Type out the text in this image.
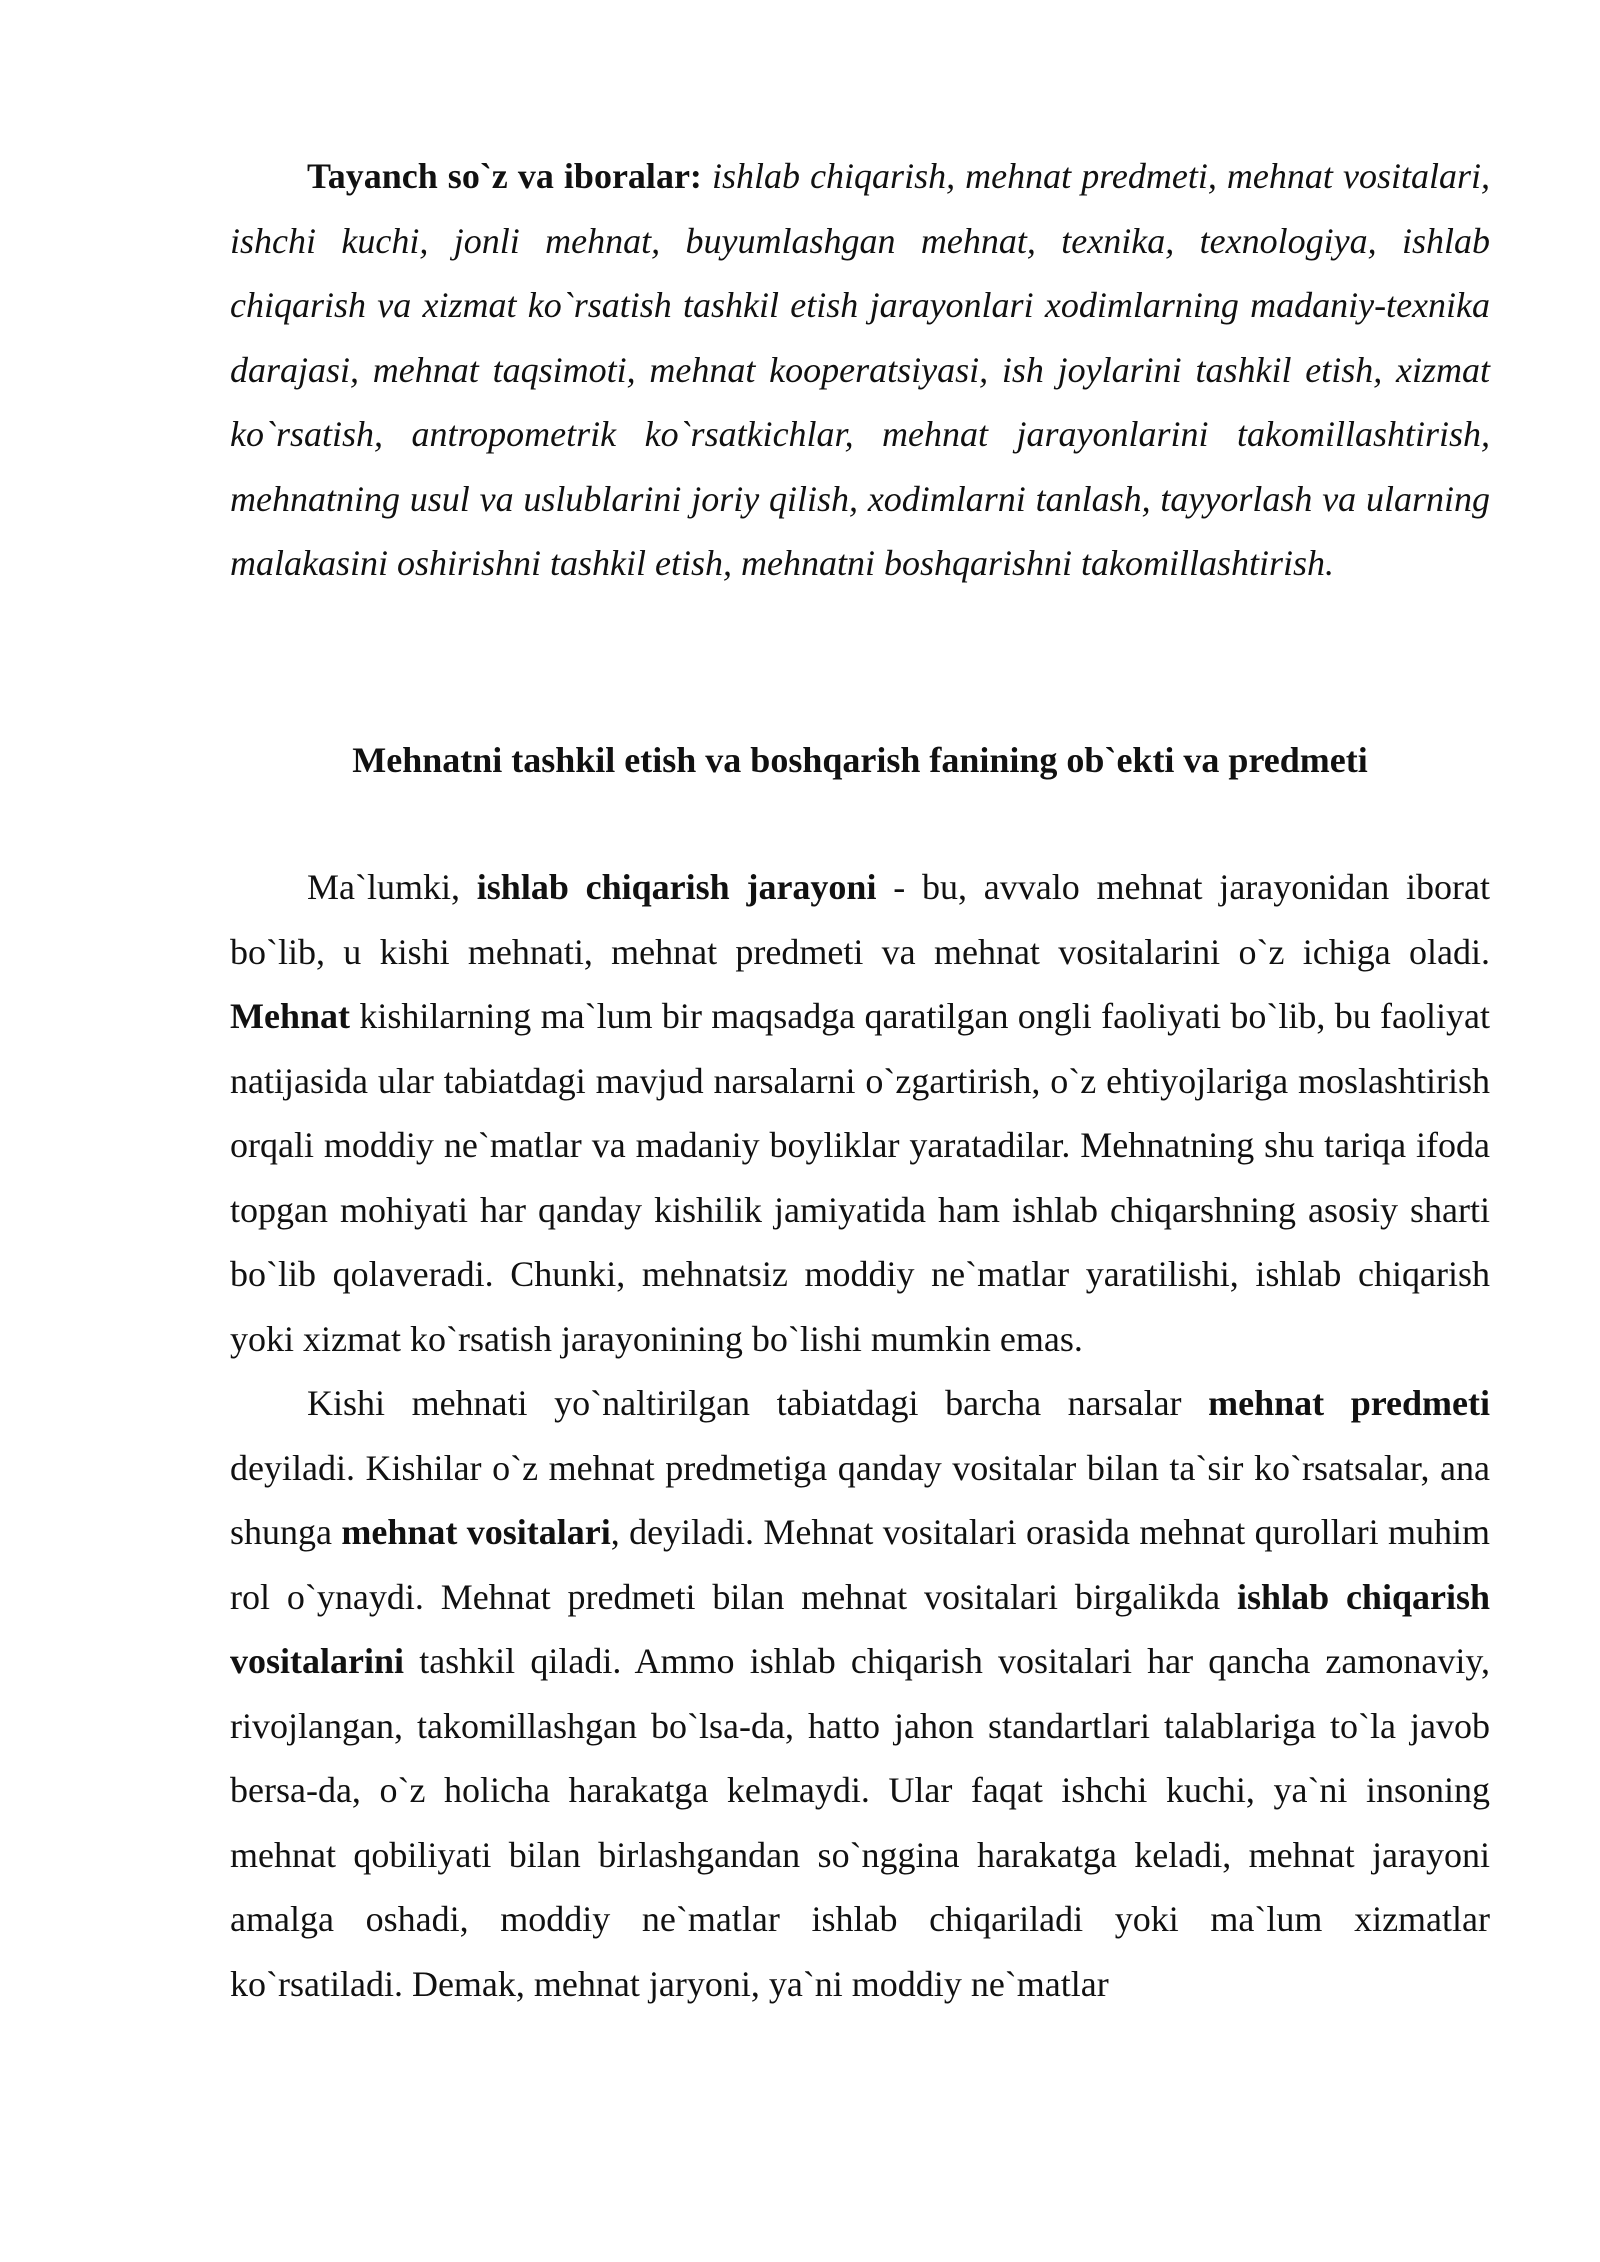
Tayanch so`z va iboralar: ishlab chiqarish, mehnat predmeti, mehnat vositalari, ishchi kuchi, jonli mehnat, buyumlashgan mehnat, texnika, texnologiya, ishlab chiqarish va xizmat ko`rsatish tashkil etish jarayonlari xodimlarning madaniy-texnika darajasi, mehnat taqsimoti, mehnat kooperatsiyasi, ish joylarini tashkil etish, xizmat ko`rsatish, antropometrik ko`rsatkichlar, mehnat jarayonlarini takomillashtirish, mehnatning usul va uslublarini joriy qilish, xodimlarni tanlash, tayyorlash va ularning malakasini oshirishni tashkil etish, mehnatni boshqarishni takomillashtirish.

Mehnatni tashkil etish va boshqarish fanining ob`ekti va predmeti

Ma`lumki, ishlab chiqarish jarayoni - bu, avvalo mehnat jarayonidan iborat bo`lib, u kishi mehnati, mehnat predmeti va mehnat vositalarini o`z ichiga oladi. Mehnat kishilarning ma`lum bir maqsadga qaratilgan ongli faoliyati bo`lib, bu faoliyat natijasida ular tabiatdagi mavjud narsalarni o`zgartirish, o`z ehtiyojlariga moslashtirish orqali moddiy ne`matlar va madaniy boyliklar yaratadilar. Mehnatning shu tariqa ifoda topgan mohiyati har qanday kishilik jamiyatida ham ishlab chiqarshning asosiy sharti bo`lib qolaveradi. Chunki, mehnatsiz moddiy ne`matlar yaratilishi, ishlab chiqarish yoki xizmat ko`rsatish jarayonining bo`lishi mumkin emas.

Kishi mehnati yo`naltirilgan tabiatdagi barcha narsalar mehnat predmeti deyiladi. Kishilar o`z mehnat predmetiga qanday vositalar bilan ta`sir ko`rsatsalar, ana shunga mehnat vositalari, deyiladi. Mehnat vositalari orasida mehnat qurollari muhim rol o`ynaydi. Mehnat predmeti bilan mehnat vositalari birgalikda ishlab chiqarish vositalarini tashkil qiladi. Ammo ishlab chiqarish vositalari har qancha zamonaviy, rivojlangan, takomillashgan bo`lsa-da, hatto jahon standartlari talablariga to`la javob bersa-da, o`z holicha harakatga kelmaydi. Ular faqat ishchi kuchi, ya`ni insoning mehnat qobiliyati bilan birlashgandan so`nggina harakatga keladi, mehnat jarayoni amalga oshadi, moddiy ne`matlar ishlab chiqariladi yoki ma`lum xizmatlar ko`rsatiladi. Demak, mehnat jaryoni, ya`ni moddiy ne`matlar
